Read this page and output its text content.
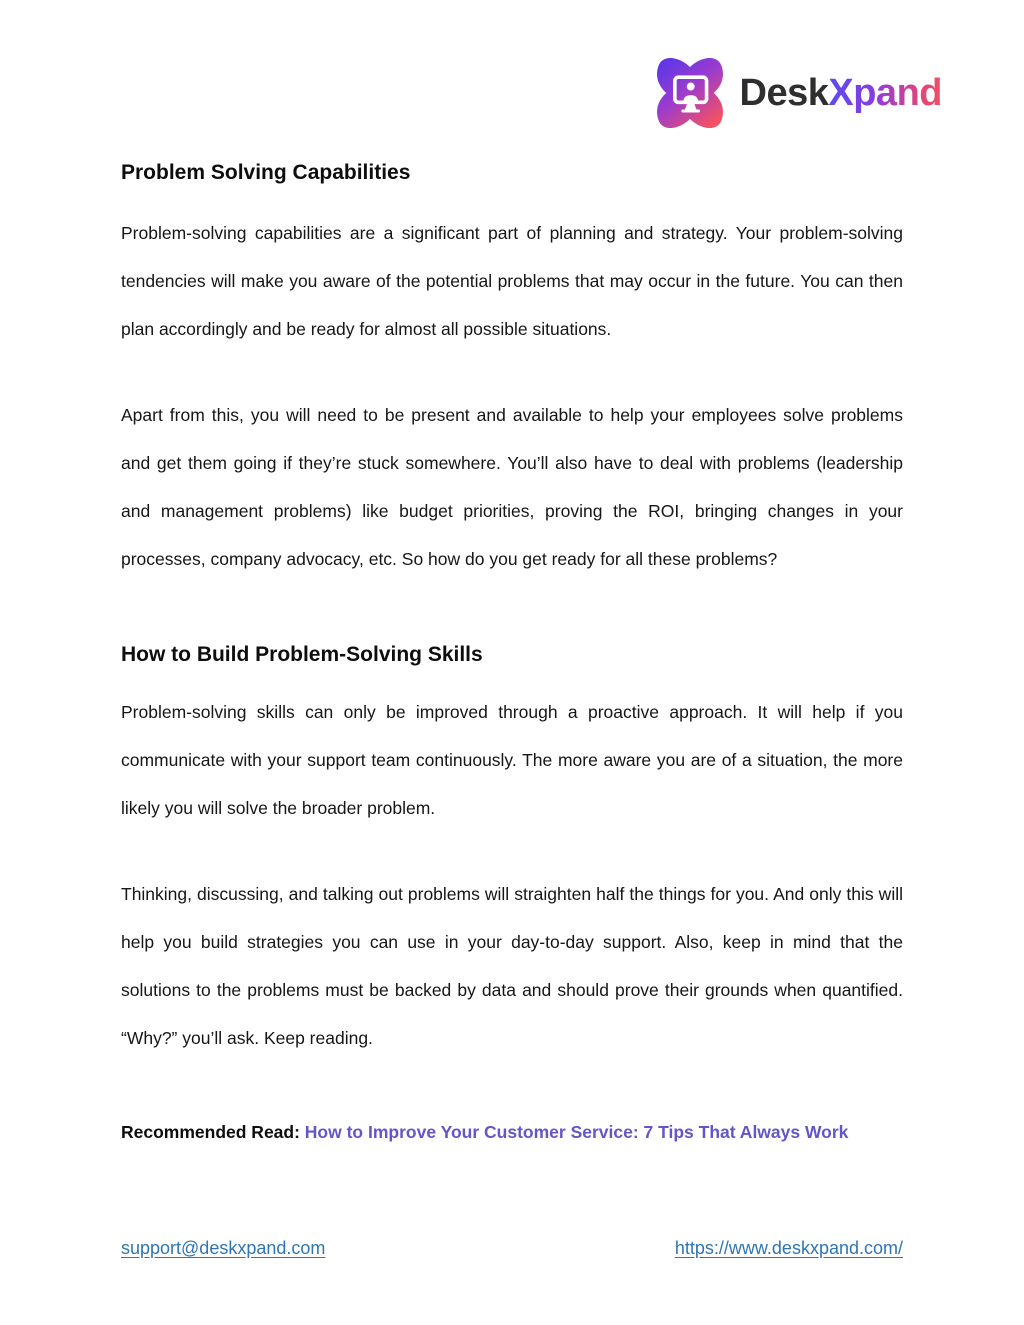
DeskXpand
Problem Solving Capabilities

Problem-solving capabilities are a significant part of planning and strategy. Your problem-solving tendencies will make you aware of the potential problems that may occur in the future. You can then plan accordingly and be ready for almost all possible situations.

Apart from this, you will need to be present and available to help your employees solve problems and get them going if they’re stuck somewhere. You’ll also have to deal with problems (leadership and management problems) like budget priorities, proving the ROI, bringing changes in your processes, company advocacy, etc. So how do you get ready for all these problems?

How to Build Problem-Solving Skills

Problem-solving skills can only be improved through a proactive approach. It will help if you communicate with your support team continuously. The more aware you are of a situation, the more likely you will solve the broader problem.

Thinking, discussing, and talking out problems will straighten half the things for you. And only this will help you build strategies you can use in your day-to-day support. Also, keep in mind that the solutions to the problems must be backed by data and should prove their grounds when quantified. “Why?” you’ll ask. Keep reading.

Recommended Read: How to Improve Your Customer Service: 7 Tips That Always Work

support@deskxpand.com	https://www.deskxpand.com/
